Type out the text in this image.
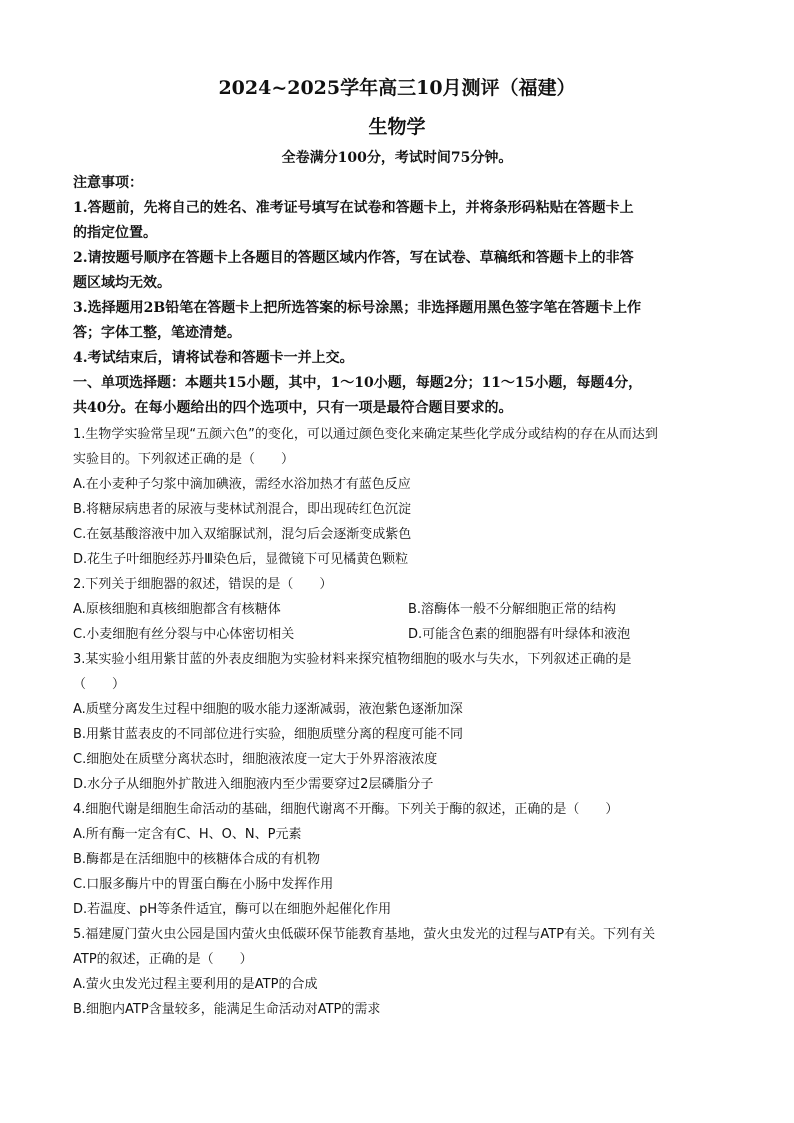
2024~2025学年高三10月测评（福建）
生物学
全卷满分100分，考试时间75分钟。
注意事项：
1.答题前，先将自己的姓名、准考证号填写在试卷和答题卡上，并将条形码粘贴在答题卡上
的指定位置。
2.请按题号顺序在答题卡上各题目的答题区域内作答，写在试卷、草稿纸和答题卡上的非答
题区域均无效。
3.选择题用2B铅笔在答题卡上把所选答案的标号涂黑；非选择题用黑色签字笔在答题卡上作
答；字体工整，笔迹清楚。
4.考试结束后，请将试卷和答题卡一并上交。
一、单项选择题：本题共15小题，其中，1～10小题，每题2分；11～15小题，每题4分，
共40分。在每小题给出的四个选项中，只有一项是最符合题目要求的。
1.生物学实验常呈现“五颜六色”的变化，可以通过颜色变化来确定某些化学成分或结构的存在从而达到
实验目的。下列叙述正确的是（　　）
A.在小麦种子匀浆中滴加碘液，需经水浴加热才有蓝色反应
B.将糖尿病患者的尿液与斐林试剂混合，即出现砖红色沉淀
C.在氨基酸溶液中加入双缩脲试剂，混匀后会逐渐变成紫色
D.花生子叶细胞经苏丹Ⅲ染色后，显微镜下可见橘黄色颗粒
2.下列关于细胞器的叙述，错误的是（　　）
A.原核细胞和真核细胞都含有核糖体	B.溶酶体一般不分解细胞正常的结构
C.小麦细胞有丝分裂与中心体密切相关	D.可能含色素的细胞器有叶绿体和液泡
3.某实验小组用紫甘蓝的外表皮细胞为实验材料来探究植物细胞的吸水与失水，下列叙述正确的是
（　　）
A.质壁分离发生过程中细胞的吸水能力逐渐减弱，液泡紫色逐渐加深
B.用紫甘蓝表皮的不同部位进行实验，细胞质壁分离的程度可能不同
C.细胞处在质壁分离状态时，细胞液浓度一定大于外界溶液浓度
D.水分子从细胞外扩散进入细胞液内至少需要穿过2层磷脂分子
4.细胞代谢是细胞生命活动的基础，细胞代谢离不开酶。下列关于酶的叙述，正确的是（　　）
A.所有酶一定含有C、H、O、N、P元素
B.酶都是在活细胞中的核糖体合成的有机物
C.口服多酶片中的胃蛋白酶在小肠中发挥作用
D.若温度、pH等条件适宜，酶可以在细胞外起催化作用
5.福建厦门萤火虫公园是国内萤火虫低碳环保节能教育基地，萤火虫发光的过程与ATP有关。下列有关
ATP的叙述，正确的是（　　）
A.萤火虫发光过程主要利用的是ATP的合成
B.细胞内ATP含量较多，能满足生命活动对ATP的需求
